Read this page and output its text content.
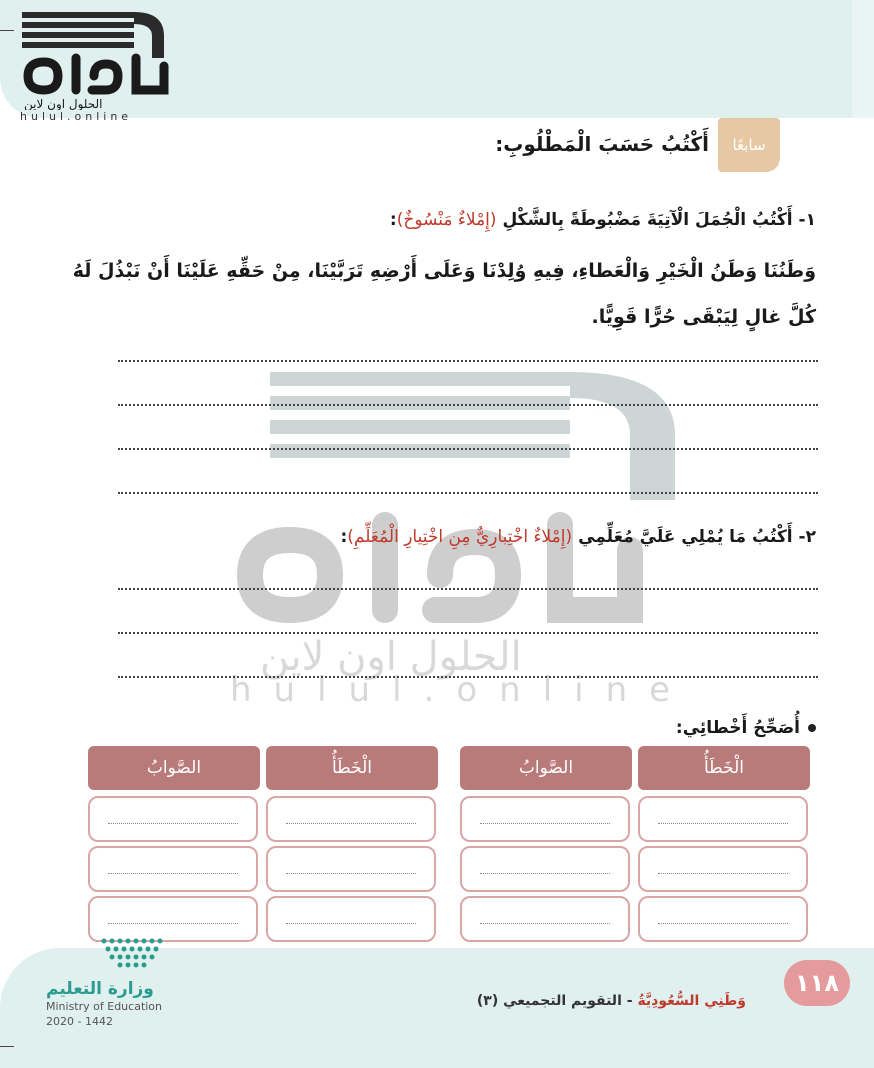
الحلول اون لاين
hulul.online
الحلول اون لاين
hulul.online
سابعًا
أَكْتُبُ حَسَبَ الْمَطْلُوبِ:
١- أَكْتُبُ الْجُمَلَ الْآتِيَةَ مَضْبُوطَةً بِالشَّكْلِ (إِمْلاءٌ مَنْسُوخٌ):
وَطَنُنَا وَطَنُ الْخَيْرِ وَالْعَطاءِ، فِيهِ وُلِدْنَا وَعَلَى أَرْضِهِ تَرَبَّيْنَا، مِنْ حَقِّهِ عَلَيْنَا أَنْ نَبْذُلَ لَهُ كُلَّ غالٍ لِيَبْقَى حُرًّا قَوِيًّا.
٢- أَكْتُبُ مَا يُمْلِي عَلَيَّ مُعَلِّمِي (إِمْلاءٌ اخْتِبارِيٌّ مِنِ اخْتِيارِ الْمُعَلِّمِ):
أُصَحِّحُ أَخْطائِي:
الْخَطَأُ
الصَّوابُ
الْخَطَأُ
الصَّوابُ
وزارة التعليم
Ministry of Education
2020 - 1442
١١٨
وَطَنِي السُّعُودِيَّةُ - التقويم التجميعي (٣)
